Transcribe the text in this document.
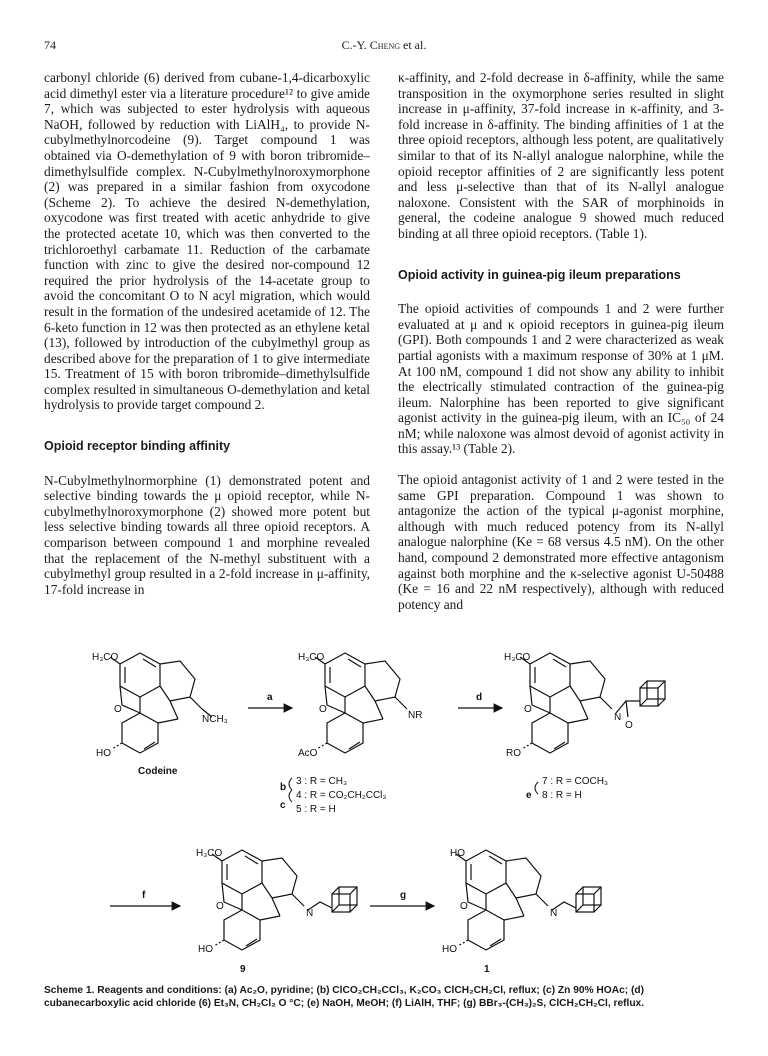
74	C.-Y. Cheng et al.

carbonyl chloride (6) derived from cubane-1,4-dicarboxylic acid dimethyl ester via a literature procedure¹² to give amide 7, which was subjected to ester hydrolysis with aqueous NaOH, followed by reduction with LiAlH₄, to provide N-cubylmethylnorcodeine (9). Target compound 1 was obtained via O-demethylation of 9 with boron tribromide–dimethylsulfide complex. N-Cubylmethylnoroxymorphone (2) was prepared in a similar fashion from oxycodone (Scheme 2). To achieve the desired N-demethylation, oxycodone was first treated with acetic anhydride to give the protected acetate 10, which was then converted to the trichloroethyl carbamate 11. Reduction of the carbamate function with zinc to give the desired nor-compound 12 required the prior hydrolysis of the 14-acetate group to avoid the concomitant O to N acyl migration, which would result in the formation of the undesired acetamide of 12. The 6-keto function in 12 was then protected as an ethylene ketal (13), followed by introduction of the cubylmethyl group as described above for the preparation of 1 to give intermediate 15. Treatment of 15 with boron tribromide–dimethylsulfide complex resulted in simultaneous O-demethylation and ketal hydrolysis to provide target compound 2.

Opioid receptor binding affinity

N-Cubylmethylnormorphine (1) demonstrated potent and selective binding towards the μ opioid receptor, while N-cubylmethylnoroxymorphone (2) showed more potent but less selective binding towards all three opioid receptors. A comparison between compound 1 and morphine revealed that the replacement of the N-methyl substituent with a cubylmethyl group resulted in a 2-fold increase in μ-affinity, 17-fold increase in

κ-affinity, and 2-fold decrease in δ-affinity, while the same transposition in the oxymorphone series resulted in slight increase in μ-affinity, 37-fold increase in κ-affinity, and 3-fold increase in δ-affinity. The binding affinities of 1 at the three opioid receptors, although less potent, are qualitatively similar to that of its N-allyl analogue nalorphine, while the opioid receptor affinities of 2 are significantly less potent and less μ-selective than that of its N-allyl analogue naloxone. Consistent with the SAR of morphinoids in general, the codeine analogue 9 showed much reduced binding at all three opioid receptors. (Table 1).

Opioid activity in guinea-pig ileum preparations

The opioid activities of compounds 1 and 2 were further evaluated at μ and κ opioid receptors in guinea-pig ileum (GPI). Both compounds 1 and 2 were characterized as weak partial agonists with a maximum response of 30% at 1 μM. At 100 nM, compound 1 did not show any ability to inhibit the electrically stimulated contraction of the guinea-pig ileum. Nalorphine has been reported to give significant agonist activity in the guinea-pig ileum, with an IC₅₀ of 24 nM; while naloxone was almost devoid of agonist activity in this assay.¹³ (Table 2).

The opioid antagonist activity of 1 and 2 were tested in the same GPI preparation. Compound 1 was shown to antagonize the action of the typical μ-agonist morphine, although with much reduced potency from its N-allyl analogue nalorphine (Ke = 68 versus 4.5 nM). On the other hand, compound 2 demonstrated more effective antagonism against both morphine and the κ-selective agonist U-50488 (Ke = 16 and 22 nM respectively), although with reduced potency and

H₃CO
O
NCH₃
HO
Codeine
a
H₃CO
O
NR
AcO
b
c
3 : R = CH₃
4 : R = CO₂CH₂CCl₃
5 : R = H
d
H₃CO
O
N
O
RO
e
7 : R = COCH₃
8 : R = H
f
H₃CO
O
N
HO
9
g
HO
O
N
HO
1
Scheme 1. Reagents and conditions: (a) Ac₂O, pyridine; (b) ClCO₂CH₂CCl₃, K₂CO₃ ClCH₂CH₂Cl, reflux; (c) Zn 90% HOAc; (d) cubanecarboxylic acid chloride (6) Et₃N, CH₂Cl₂ O °C; (e) NaOH, MeOH; (f) LiAlH, THF; (g) BBr₃-(CH₃)₂S, ClCH₂CH₂Cl, reflux.
